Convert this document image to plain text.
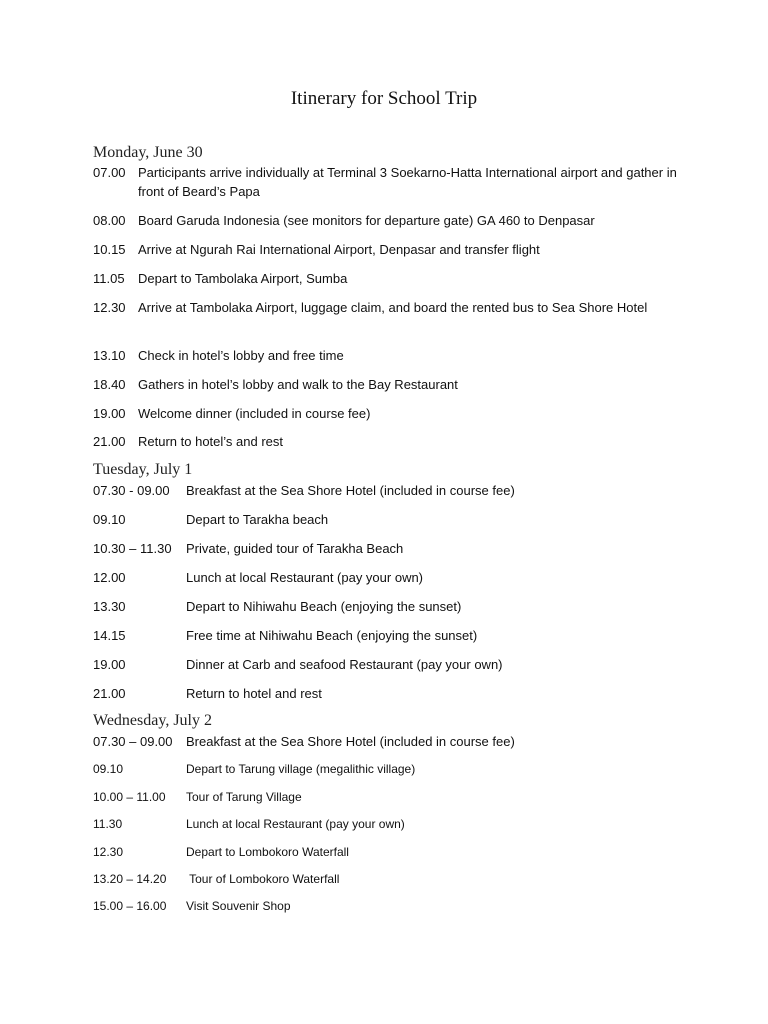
Itinerary for School Trip
Monday, June 30
07.00 Participants arrive individually at Terminal 3 Soekarno-Hatta International airport and gather in front of Beard’s Papa
08.00 Board Garuda Indonesia (see monitors for departure gate) GA 460 to Denpasar
10.15 Arrive at Ngurah Rai International Airport, Denpasar and transfer flight
11.05	Depart to Tambolaka Airport, Sumba
12.30 Arrive at Tambolaka Airport, luggage claim, and board the rented bus to Sea Shore Hotel
13.10 Check in hotel’s lobby and free time
18.40 Gathers in hotel’s lobby and walk to the Bay Restaurant
19.00 Welcome dinner (included in course fee)
21.00 Return to hotel’s and rest
Tuesday, July 1
07.30 - 09.00	Breakfast at the Sea Shore Hotel (included in course fee)
09.10	Depart to Tarakha beach
10.30 – 11.30	Private, guided tour of Tarakha Beach
12.00	Lunch at local Restaurant (pay your own)
13.30	Depart to Nihiwahu Beach (enjoying the sunset)
14.15	Free time at Nihiwahu Beach (enjoying the sunset)
19.00	Dinner at Carb and seafood Restaurant (pay your own)
21.00	Return to hotel and rest
Wednesday, July 2
07.30 – 09.00	Breakfast at the Sea Shore Hotel (included in course fee)
09.10	Depart to Tarung village (megalithic village)
10.00 – 11.00	Tour of Tarung Village
11.30	Lunch at local Restaurant (pay your own)
12.30	Depart to Lombokoro Waterfall
13.20 – 14.20	Tour of Lombokoro Waterfall
15.00 – 16.00	Visit Souvenir Shop
